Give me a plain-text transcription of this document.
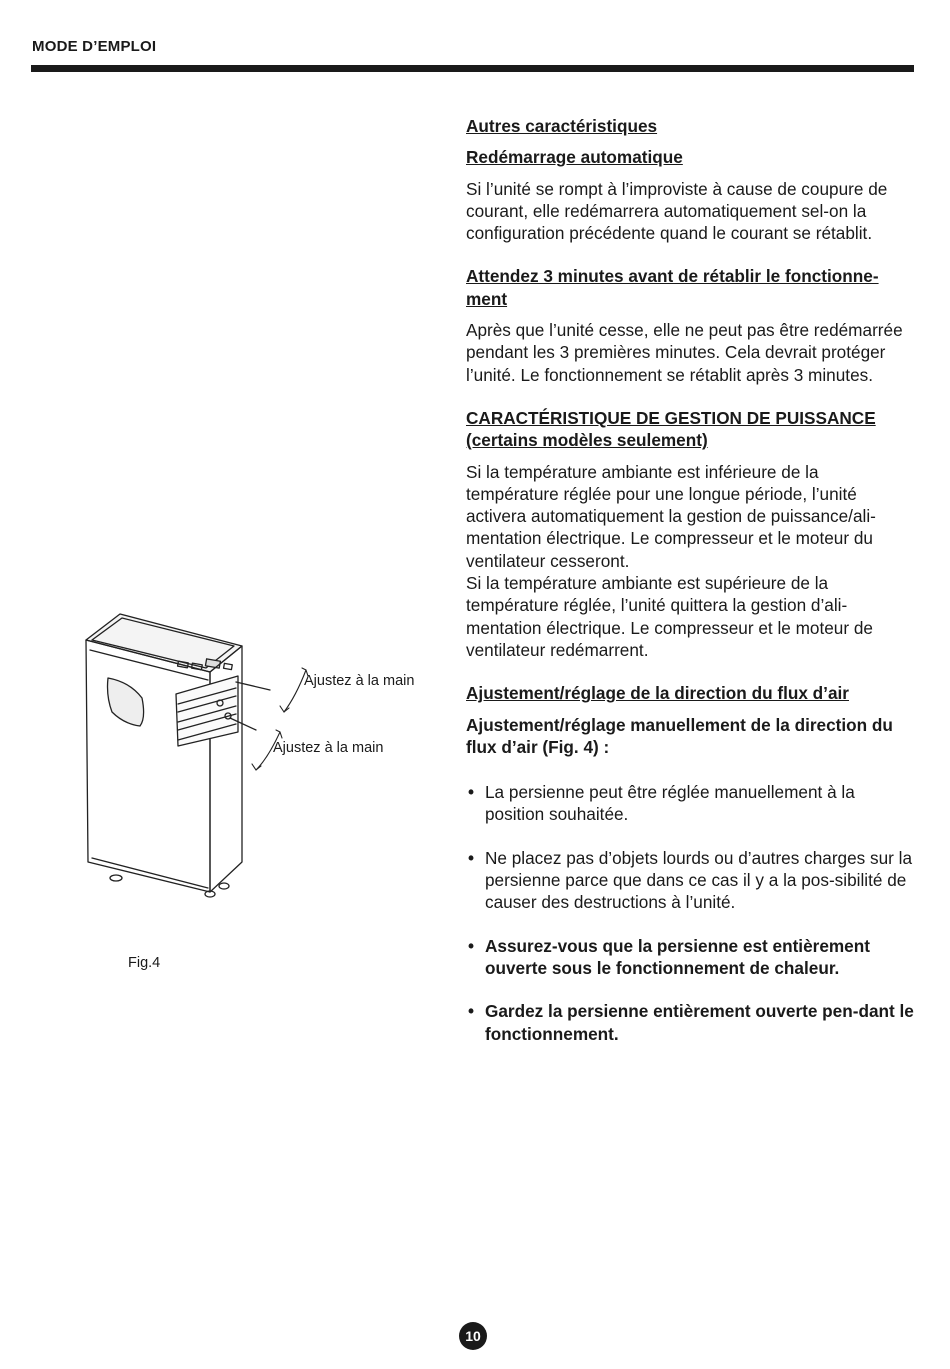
MODE D’EMPLOI

Autres caractéristiques

Redémarrage automatique

Si l’unité se rompt à l’improviste à cause de coupure de courant, elle redémarrera automatiquement sel-on la configuration précédente quand le courant se rétablit.

Attendez 3 minutes avant de rétablir le fonctionne-ment

Après que l’unité cesse, elle ne peut pas être redémarrée pendant les 3 premières minutes. Cela devrait protéger l’unité. Le fonctionnement se rétablit après 3 minutes.

CARACTÉRISTIQUE DE GESTION DE PUISSANCE (certains modèles seulement)

Si la température ambiante est inférieure de la température réglée pour une longue période, l’unité activera automatiquement la gestion de puissance/ali-mentation électrique. Le compresseur et le moteur du ventilateur cesseront.

Si la température ambiante est supérieure de la température réglée, l’unité quittera la gestion d’ali-mentation électrique. Le compresseur et le moteur de ventilateur redémarrent.

Ajustement/réglage de la direction du flux d’air

Ajustement/réglage manuellement de la direction du flux d’air (Fig. 4) :

• La persienne peut être réglée manuellement à la position souhaitée.
• Ne placez pas d’objets lourds ou d’autres charges sur la persienne parce que dans ce cas il y a la pos-sibilité de causer des destructions à l’unité.
• Assurez-vous que la persienne est entièrement ouverte sous le fonctionnement de chaleur.
• Gardez la persienne entièrement ouverte pen-dant le fonctionnement.
Ajustez à la main
Ajustez à la main
Fig.4
10
